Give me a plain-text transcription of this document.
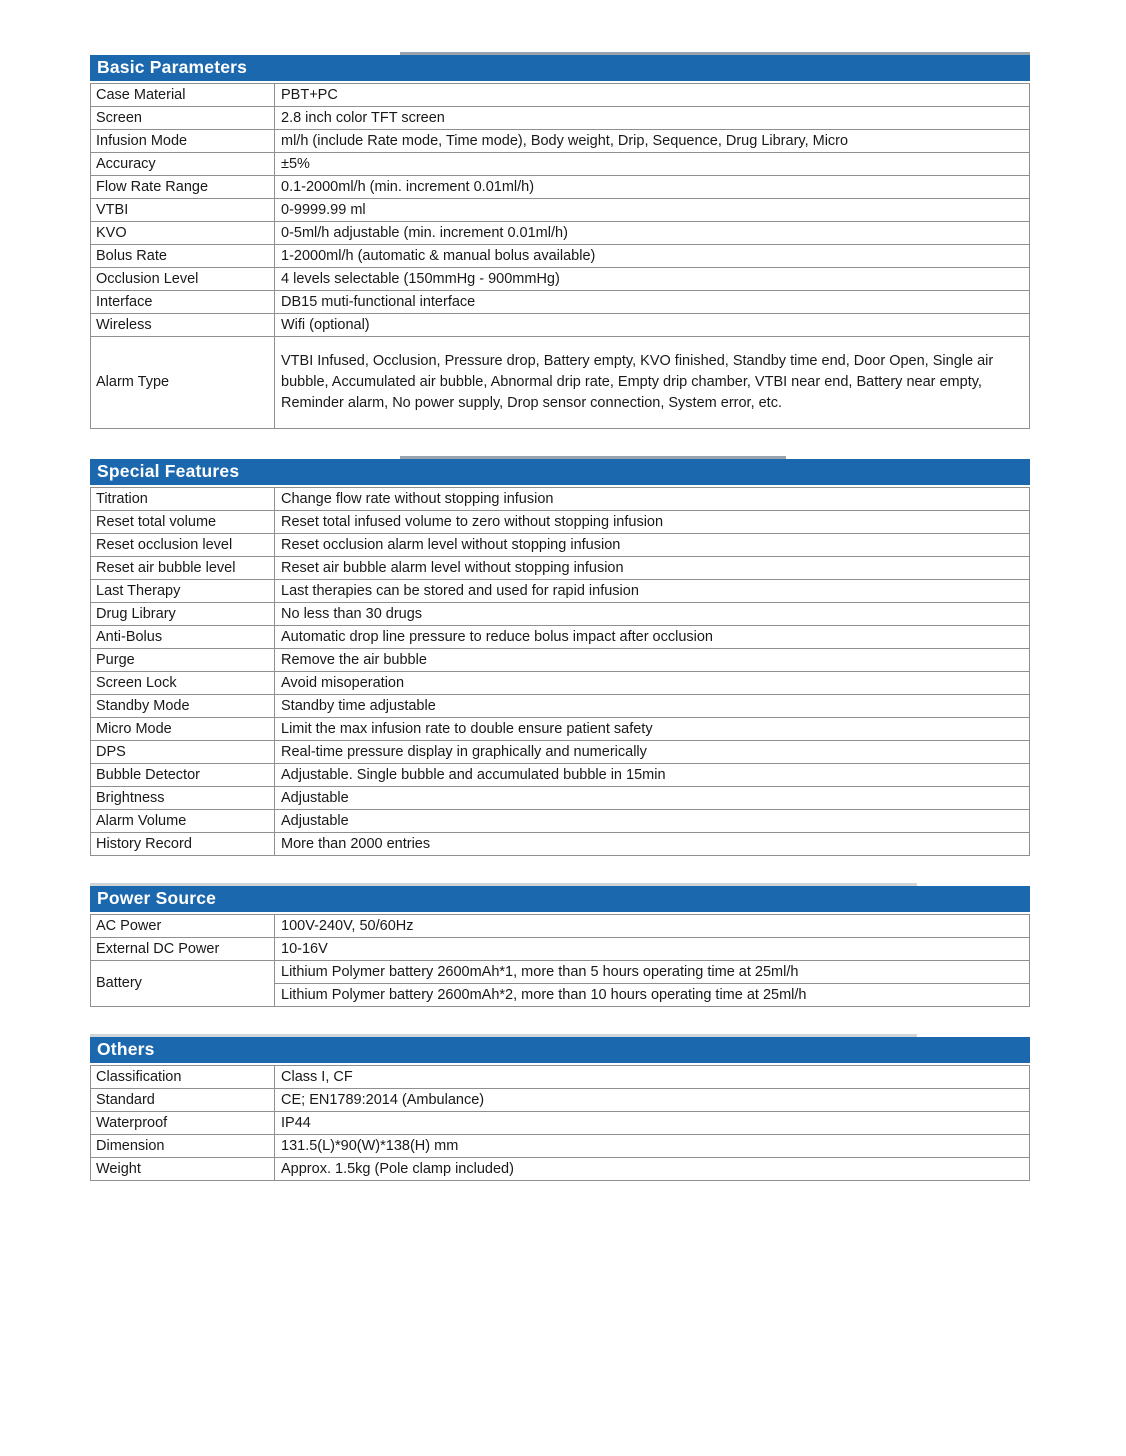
Basic Parameters
Case Material	PBT+PC
Screen	2.8 inch color TFT screen
Infusion Mode	ml/h (include Rate mode, Time mode), Body weight, Drip, Sequence, Drug Library, Micro
Accuracy	±5%
Flow Rate Range	0.1-2000ml/h (min. increment 0.01ml/h)
VTBI	0-9999.99 ml
KVO	0-5ml/h adjustable (min. increment 0.01ml/h)
Bolus Rate	1-2000ml/h (automatic & manual bolus available)
Occlusion Level	4 levels selectable (150mmHg - 900mmHg)
Interface	DB15 muti-functional interface
Wireless	Wifi (optional)
Alarm Type	VTBI Infused, Occlusion, Pressure drop, Battery empty, KVO finished, Standby time end, Door Open, Single air bubble, Accumulated air bubble, Abnormal drip rate, Empty drip chamber, VTBI near end, Battery near empty, Reminder alarm, No power supply, Drop sensor connection, System error, etc.
Special Features
Titration	Change flow rate without stopping infusion
Reset total volume	Reset total infused volume to zero without stopping infusion
Reset occlusion level	Reset occlusion alarm level without stopping infusion
Reset air bubble level	Reset air bubble alarm level without stopping infusion
Last Therapy	Last therapies can be stored and used for rapid infusion
Drug Library	No less than 30 drugs
Anti-Bolus	Automatic drop line pressure to reduce bolus impact after occlusion
Purge	Remove the air bubble
Screen Lock	Avoid misoperation
Standby Mode	Standby time adjustable
Micro Mode	Limit the max infusion rate to double ensure patient safety
DPS	Real-time pressure display in graphically and numerically
Bubble Detector	Adjustable. Single bubble and accumulated bubble in 15min
Brightness	Adjustable
Alarm Volume	Adjustable
History Record	More than 2000 entries
Power Source
AC Power	100V-240V, 50/60Hz
External DC Power	10-16V
Battery	Lithium Polymer battery 2600mAh*1, more than 5 hours operating time at 25ml/h
	Lithium Polymer battery 2600mAh*2, more than 10 hours operating time at 25ml/h
Others
Classification	Class I, CF
Standard	CE; EN1789:2014 (Ambulance)
Waterproof	IP44
Dimension	131.5(L)*90(W)*138(H) mm
Weight	Approx. 1.5kg (Pole clamp included)
